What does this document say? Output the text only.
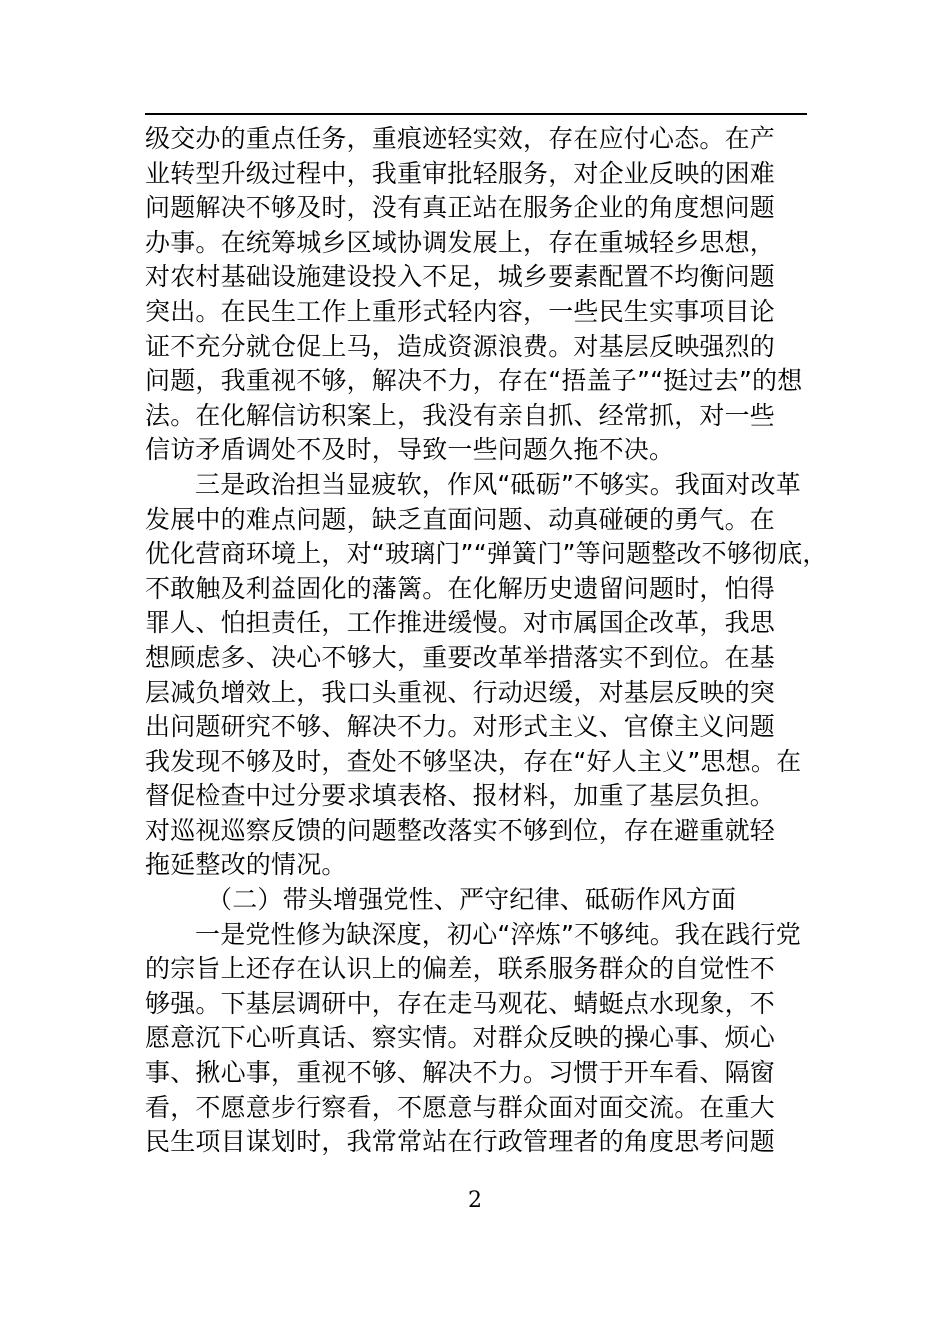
级交办的重点任务，重痕迹轻实效，存在应付心态。在产
业转型升级过程中，我重审批轻服务，对企业反映的困难
问题解决不够及时，没有真正站在服务企业的角度想问题
办事。在统筹城乡区域协调发展上，存在重城轻乡思想，
对农村基础设施建设投入不足，城乡要素配置不均衡问题
突出。在民生工作上重形式轻内容，一些民生实事项目论
证不充分就仓促上马，造成资源浪费。对基层反映强烈的
问题，我重视不够，解决不力，存在“捂盖子”“挺过去”的想
法。在化解信访积案上，我没有亲自抓、经常抓，对一些
信访矛盾调处不及时，导致一些问题久拖不决。
三是政治担当显疲软，作风“砥砺”不够实。我面对改革
发展中的难点问题，缺乏直面问题、动真碰硬的勇气。在
优化营商环境上，对“玻璃门”“弹簧门”等问题整改不够彻底，
不敢触及利益固化的藩篱。在化解历史遗留问题时，怕得
罪人、怕担责任，工作推进缓慢。对市属国企改革，我思
想顾虑多、决心不够大，重要改革举措落实不到位。在基
层减负增效上，我口头重视、行动迟缓，对基层反映的突
出问题研究不够、解决不力。对形式主义、官僚主义问题
我发现不够及时，查处不够坚决，存在“好人主义”思想。在
督促检查中过分要求填表格、报材料，加重了基层负担。
对巡视巡察反馈的问题整改落实不够到位，存在避重就轻
拖延整改的情况。
（二）带头增强党性、严守纪律、砥砺作风方面
一是党性修为缺深度，初心“淬炼”不够纯。我在践行党
的宗旨上还存在认识上的偏差，联系服务群众的自觉性不
够强。下基层调研中，存在走马观花、蜻蜓点水现象，不
愿意沉下心听真话、察实情。对群众反映的操心事、烦心
事、揪心事，重视不够、解决不力。习惯于开车看、隔窗
看，不愿意步行察看，不愿意与群众面对面交流。在重大
民生项目谋划时，我常常站在行政管理者的角度思考问题
2
